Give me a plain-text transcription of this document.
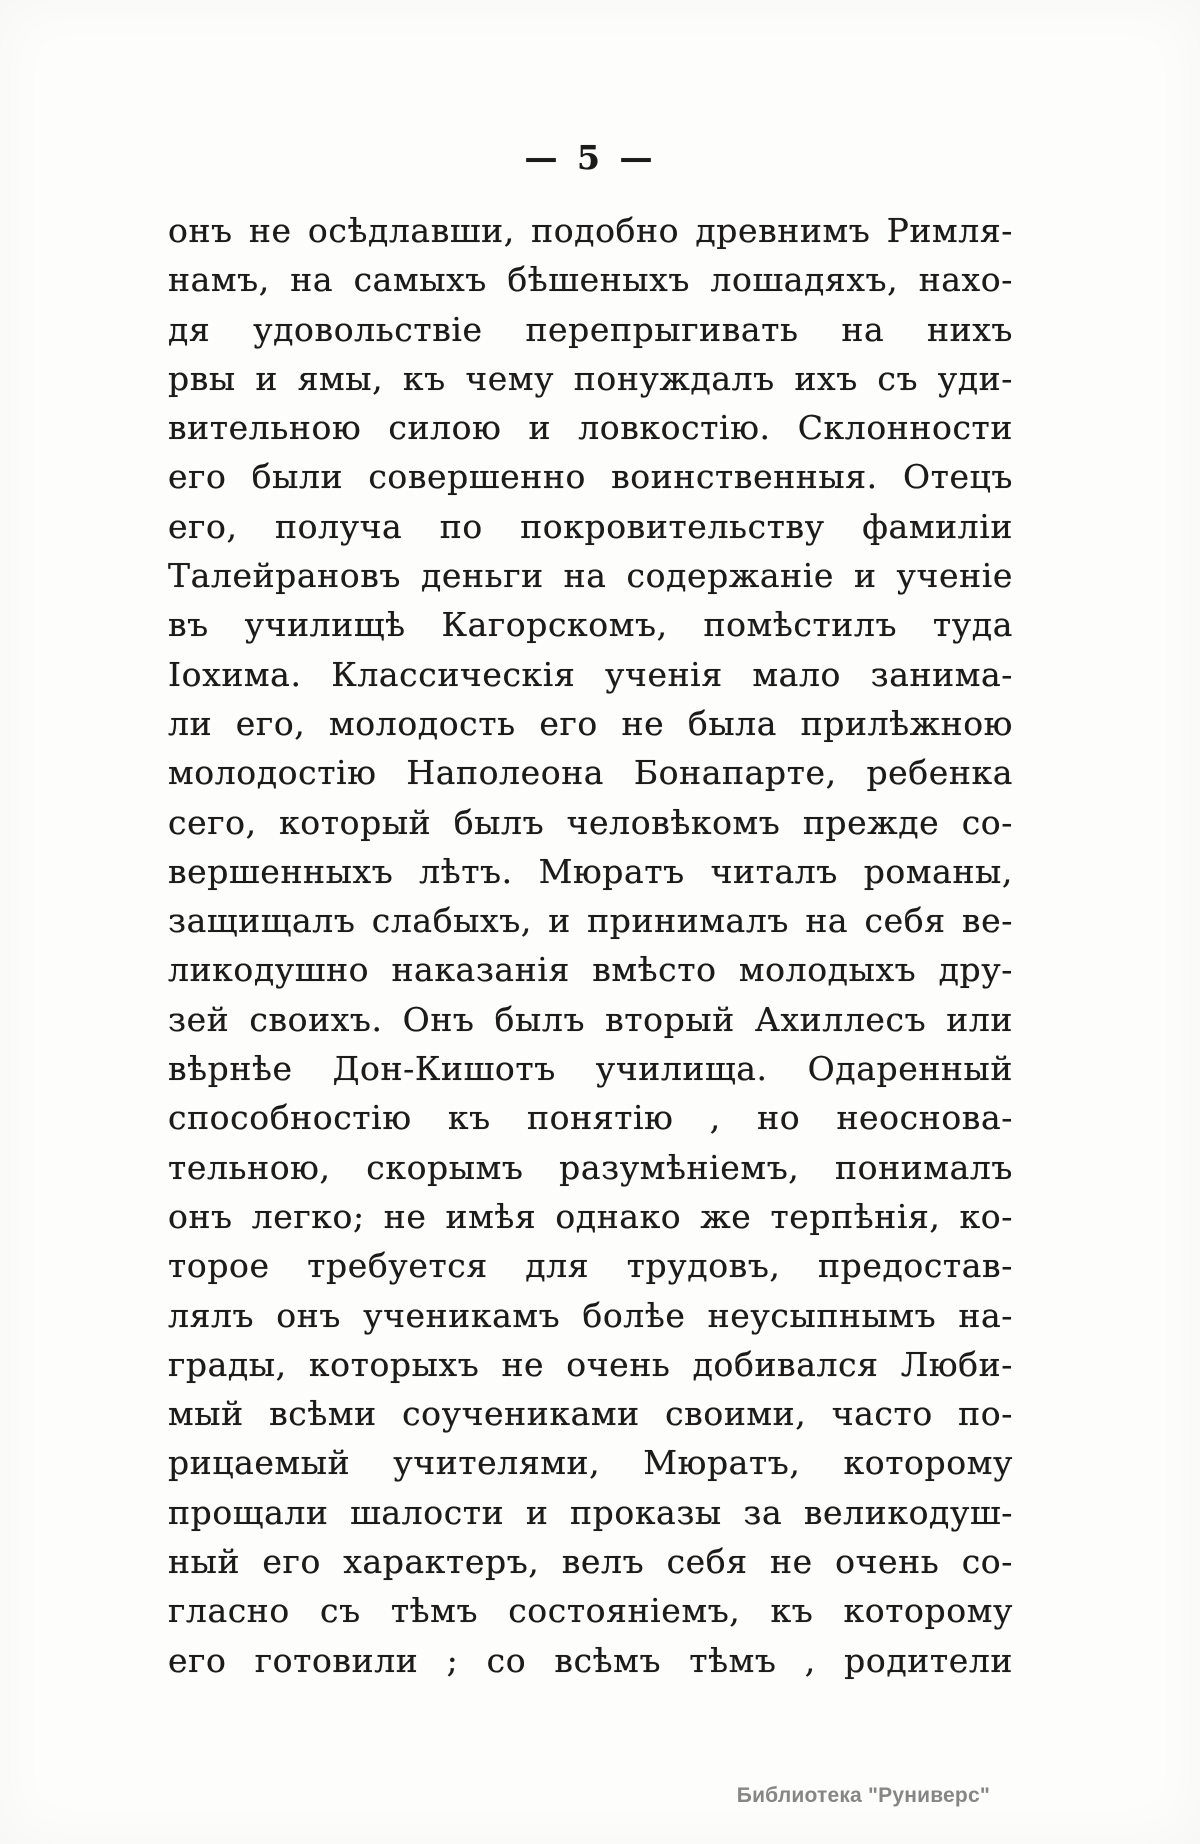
— 5 —
онъ не осѣдлавши, подобно древнимъ Римля-
намъ, на самыхъ бѣшеныхъ лошадяхъ, нахо-
дя удовольствіе перепрыгивать на нихъ
рвы и ямы, къ чему понуждалъ ихъ съ уди-
вительною силою и ловкостію. Склонности
его были совершенно воинственныя. Отецъ
его, получа по покровительству фамиліи
Талейрановъ деньги на содержаніе и ученіе
въ училищѣ Кагорскомъ, помѣстилъ туда
Іохима. Классическія ученія мало занима-
ли его, молодость его не была прилѣжною
молодостію Наполеона Бонапарте, ребенка
сего, который былъ человѣкомъ прежде со-
вершенныхъ лѣтъ. Мюратъ читалъ романы,
защищалъ слабыхъ, и принималъ на себя ве-
ликодушно наказанія вмѣсто молодыхъ дру-
зей своихъ. Онъ былъ вторый Ахиллесъ или
вѣрнѣе Дон-Кишотъ училища. Одаренный
способностію къ понятію , но неоснова-
тельною, скорымъ разумѣніемъ, понималъ
онъ легко; не имѣя однако же терпѣнія, ко-
торое требуется для трудовъ, предостав-
лялъ онъ ученикамъ болѣе неусыпнымъ на-
грады, которыхъ не очень добивался Люби-
мый всѣми соучениками своими, часто по-
рицаемый учителями, Мюратъ, которому
прощали шалости и проказы за великодуш-
ный его характеръ, велъ себя не очень со-
гласно съ тѣмъ состояніемъ, къ которому
его готовили ; со всѣмъ тѣмъ , родители
Библиотека "Руниверс"
